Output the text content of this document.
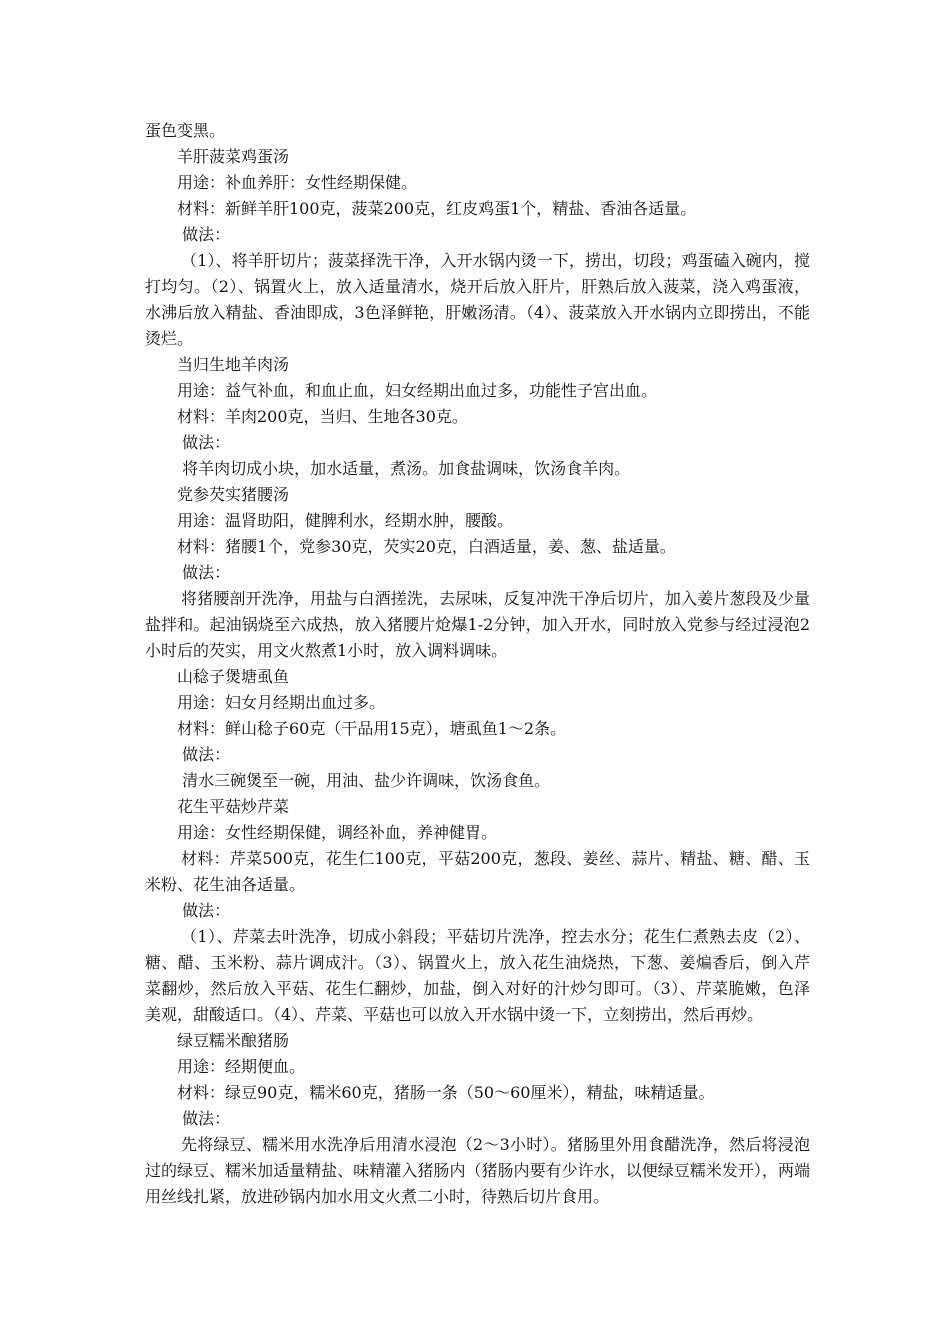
蛋色变黑。

羊肝菠菜鸡蛋汤

用途：补血养肝：女性经期保健。

材料：新鲜羊肝100克，菠菜200克，红皮鸡蛋1个，精盐、香油各适量。

做法：

（1）、将羊肝切片；菠菜择洗干净，入开水锅内烫一下，捞出，切段；鸡蛋磕入碗内，搅打均匀。（2）、锅置火上，放入适量清水，烧开后放入肝片，肝熟后放入菠菜，浇入鸡蛋液，水沸后放入精盐、香油即成，3色泽鲜艳，肝嫩汤清。（4）、菠菜放入开水锅内立即捞出，不能烫烂。

当归生地羊肉汤

用途：益气补血，和血止血，妇女经期出血过多，功能性子宫出血。

材料：羊肉200克，当归、生地各30克。

做法：

将羊肉切成小块，加水适量，煮汤。加食盐调味，饮汤食羊肉。

党参芡实猪腰汤

用途：温肾助阳，健脾利水，经期水肿，腰酸。

材料：猪腰1个，党参30克，芡实20克，白酒适量，姜、葱、盐适量。

做法：

将猪腰剖开洗净，用盐与白酒搓洗，去尿味，反复冲洗干净后切片，加入姜片葱段及少量盐拌和。起油锅烧至六成热，放入猪腰片炝爆1-2分钟，加入开水，同时放入党参与经过浸泡2小时后的芡实，用文火熬煮1小时，放入调料调味。

山稔子煲塘虱鱼

用途：妇女月经期出血过多。

材料：鲜山稔子60克（干品用15克），塘虱鱼1～2条。

做法：

清水三碗煲至一碗，用油、盐少许调味，饮汤食鱼。

花生平菇炒芹菜

用途：女性经期保健，调经补血，养神健胃。

材料：芹菜500克，花生仁100克，平菇200克，葱段、姜丝、蒜片、精盐、糖、醋、玉米粉、花生油各适量。

做法：

（1）、芹菜去叶洗净，切成小斜段；平菇切片洗净，控去水分；花生仁煮熟去皮（2）、糖、醋、玉米粉、蒜片调成汁。（3）、锅置火上，放入花生油烧热，下葱、姜煸香后，倒入芹菜翻炒，然后放入平菇、花生仁翻炒，加盐，倒入对好的汁炒匀即可。（3）、芹菜脆嫩，色泽美观，甜酸适口。（4）、芹菜、平菇也可以放入开水锅中烫一下，立刻捞出，然后再炒。

绿豆糯米酿猪肠

用途：经期便血。

材料：绿豆90克，糯米60克，猪肠一条（50～60厘米），精盐，味精适量。

做法：

先将绿豆、糯米用水洗净后用清水浸泡（2～3小时）。猪肠里外用食醋洗净，然后将浸泡过的绿豆、糯米加适量精盐、味精灌入猪肠内（猪肠内要有少许水，以便绿豆糯米发开），两端用丝线扎紧，放进砂锅内加水用文火煮二小时，待熟后切片食用。
